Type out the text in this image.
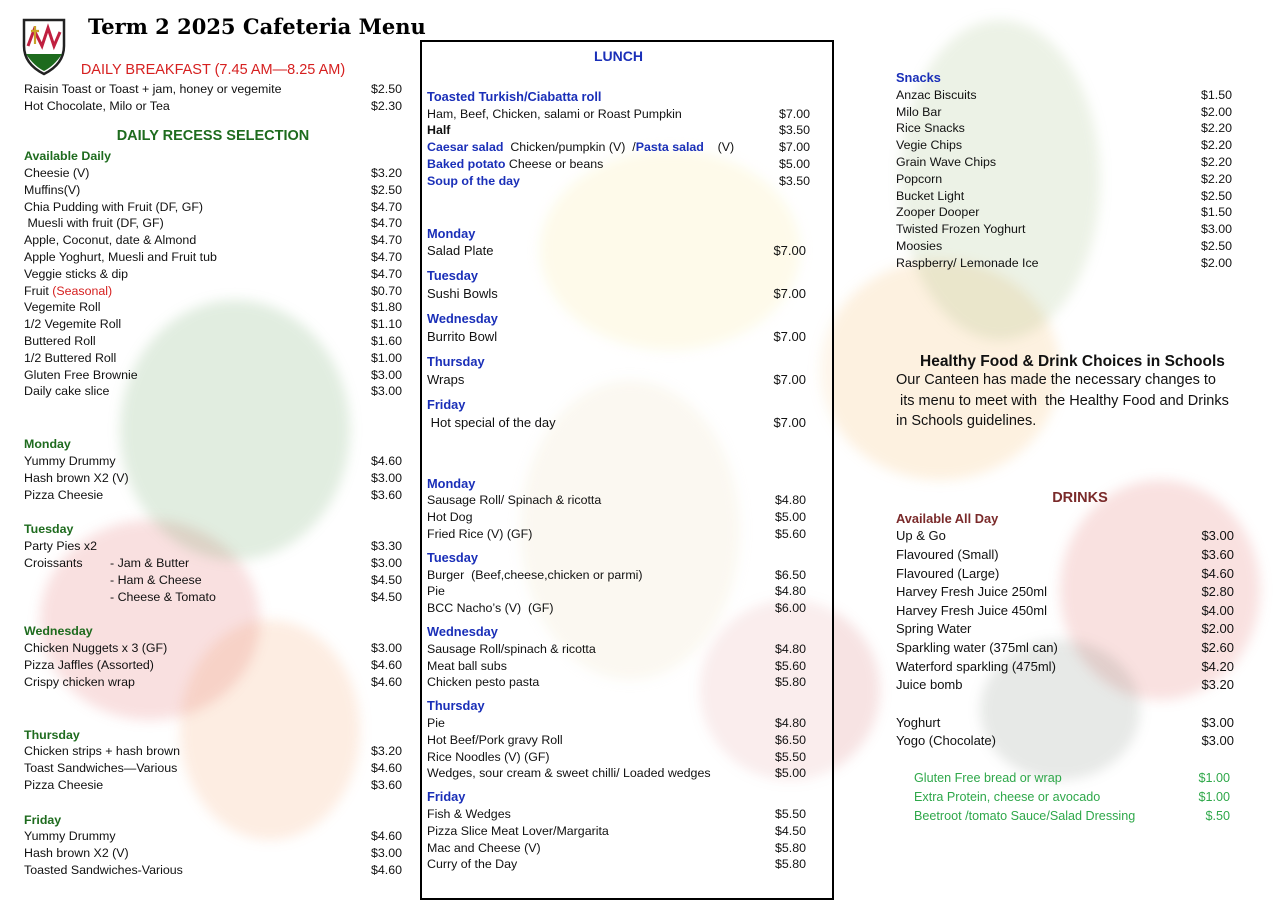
Term 2 2025 Cafeteria Menu
DAILY BREAKFAST (7.45 AM—8.25 AM)
Raisin Toast or Toast + jam, honey or vegemite	$2.50
Hot Chocolate, Milo or Tea	$2.30
DAILY RECESS SELECTION
Available Daily
Cheesie (V)	$3.20
Muffins(V)	$2.50
Chia Pudding with Fruit (DF, GF)	$4.70
Muesli with fruit (DF, GF)	$4.70
Apple, Coconut, date & Almond	$4.70
Apple Yoghurt, Muesli and Fruit tub	$4.70
Veggie sticks & dip	$4.70
Fruit (Seasonal)	$0.70
Vegemite Roll	$1.80
1/2 Vegemite Roll	$1.10
Buttered Roll	$1.60
1/2 Buttered Roll	$1.00
Gluten Free Brownie	$3.00
Daily cake slice	$3.00
Monday
Yummy Drummy	$4.60
Hash brown X2 (V)	$3.00
Pizza Cheesie	$3.60
Tuesday
Party Pies x2	$3.30
Croissants - Jam & Butter	$3.00
- Ham & Cheese	$4.50
- Cheese & Tomato	$4.50
Wednesday
Chicken Nuggets x 3 (GF)	$3.00
Pizza Jaffles (Assorted)	$4.60
Crispy chicken wrap	$4.60
Thursday
Chicken strips + hash brown	$3.20
Toast Sandwiches—Various	$4.60
Pizza Cheesie	$3.60
Friday
Yummy Drummy	$4.60
Hash brown X2 (V)	$3.00
Toasted Sandwiches-Various	$4.60
LUNCH
Toasted Turkish/Ciabatta roll
Ham, Beef, Chicken, salami or Roast Pumpkin	$7.00
Half	$3.50
Caesar salad  Chicken/pumpkin (V)  /Pasta salad    (V)	$7.00
Baked potato Cheese or beans	$5.00
Soup of the day	$3.50
Monday
Salad Plate	$7.00
Tuesday
Sushi Bowls	$7.00
Wednesday
Burrito Bowl	$7.00
Thursday
Wraps	$7.00
Friday
Hot special of the day	$7.00
Monday
Sausage Roll/ Spinach & ricotta	$4.80
Hot Dog	$5.00
Fried Rice (V) (GF)	$5.60
Tuesday
Burger  (Beef,cheese,chicken or parmi)	$6.50
Pie	$4.80
BCC Nacho’s (V)  (GF)	$6.00
Wednesday
Sausage Roll/spinach & ricotta	$4.80
Meat ball subs	$5.60
Chicken pesto pasta	$5.80
Thursday
Pie	$4.80
Hot Beef/Pork gravy Roll	$6.50
Rice Noodles (V) (GF)	$5.50
Wedges, sour cream & sweet chilli/ Loaded wedges	$5.00
Friday
Fish & Wedges	$5.50
Pizza Slice Meat Lover/Margarita	$4.50
Mac and Cheese (V)	$5.80
Curry of the Day	$5.80
Snacks
Anzac Biscuits	$1.50
Milo Bar	$2.00
Rice Snacks	$2.20
Vegie Chips	$2.20
Grain Wave Chips	$2.20
Popcorn	$2.20
Bucket Light	$2.50
Zooper Dooper	$1.50
Twisted Frozen Yoghurt	$3.00
Moosies	$2.50
Raspberry/ Lemonade Ice	$2.00
Healthy Food & Drink Choices in Schools
Our Canteen has made the necessary changes to
its menu to meet with  the Healthy Food and Drinks
in Schools guidelines.
DRINKS
Available All Day
Up & Go	$3.00
Flavoured (Small)	$3.60
Flavoured (Large)	$4.60
Harvey Fresh Juice 250ml	$2.80
Harvey Fresh Juice 450ml	$4.00
Spring Water	$2.00
Sparkling water (375ml can)	$2.60
Waterford sparkling (475ml)	$4.20
Juice bomb	$3.20
Yoghurt	$3.00
Yogo (Chocolate)	$3.00
Gluten Free bread or wrap	$1.00
Extra Protein, cheese or avocado	$1.00
Beetroot /tomato Sauce/Salad Dressing	$.50
